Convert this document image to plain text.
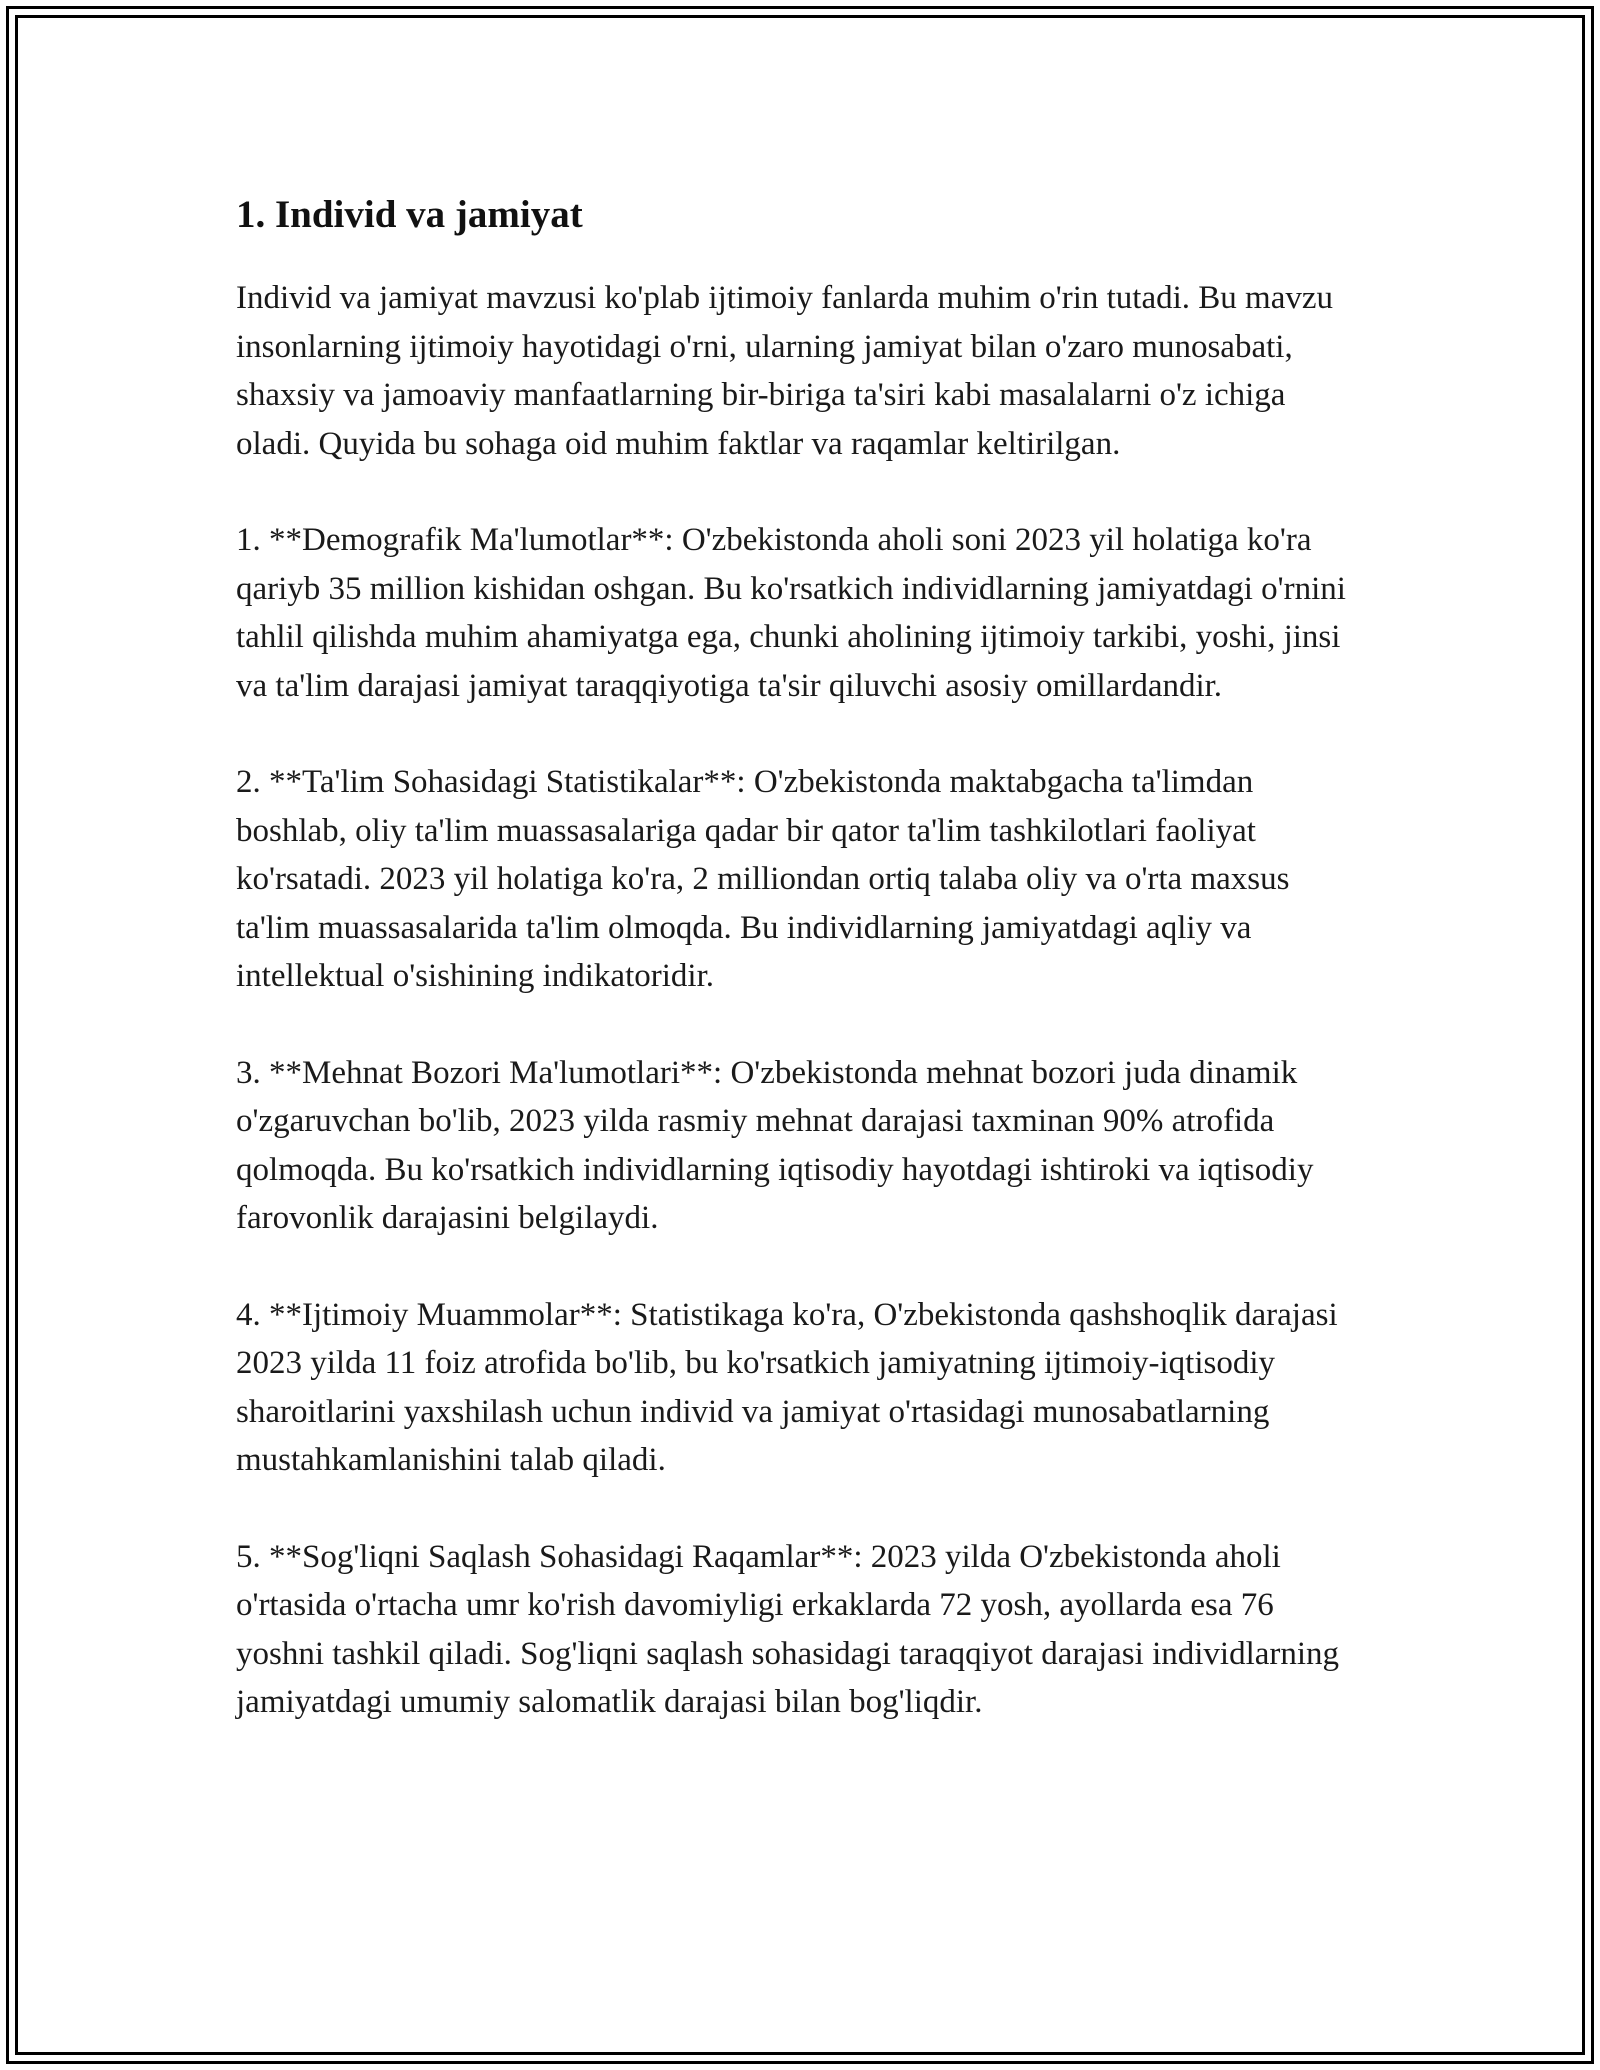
1. Individ va jamiyat

Individ va jamiyat mavzusi ko'plab ijtimoiy fanlarda muhim o'rin tutadi. Bu mavzu insonlarning ijtimoiy hayotidagi o'rni, ularning jamiyat bilan o'zaro munosabati, shaxsiy va jamoaviy manfaatlarning bir-biriga ta'siri kabi masalalarni o'z ichiga oladi. Quyida bu sohaga oid muhim faktlar va raqamlar keltirilgan.

1. **Demografik Ma'lumotlar**: O'zbekistonda aholi soni 2023 yil holatiga ko'ra qariyb 35 million kishidan oshgan. Bu ko'rsatkich individlarning jamiyatdagi o'rnini tahlil qilishda muhim ahamiyatga ega, chunki aholining ijtimoiy tarkibi, yoshi, jinsi va ta'lim darajasi jamiyat taraqqiyotiga ta'sir qiluvchi asosiy omillardandir.

2. **Ta'lim Sohasidagi Statistikalar**: O'zbekistonda maktabgacha ta'limdan boshlab, oliy ta'lim muassasalariga qadar bir qator ta'lim tashkilotlari faoliyat ko'rsatadi. 2023 yil holatiga ko'ra, 2 milliondan ortiq talaba oliy va o'rta maxsus ta'lim muassasalarida ta'lim olmoqda. Bu individlarning jamiyatdagi aqliy va intellektual o'sishining indikatoridir.

3. **Mehnat Bozori Ma'lumotlari**: O'zbekistonda mehnat bozori juda dinamik o'zgaruvchan bo'lib, 2023 yilda rasmiy mehnat darajasi taxminan 90% atrofida qolmoqda. Bu ko'rsatkich individlarning iqtisodiy hayotdagi ishtiroki va iqtisodiy farovonlik darajasini belgilaydi.

4. **Ijtimoiy Muammolar**: Statistikaga ko'ra, O'zbekistonda qashshoqlik darajasi 2023 yilda 11 foiz atrofida bo'lib, bu ko'rsatkich jamiyatning ijtimoiy-iqtisodiy sharoitlarini yaxshilash uchun individ va jamiyat o'rtasidagi munosabatlarning mustahkamlanishini talab qiladi.

5. **Sog'liqni Saqlash Sohasidagi Raqamlar**: 2023 yilda O'zbekistonda aholi o'rtasida o'rtacha umr ko'rish davomiyligi erkaklarda 72 yosh, ayollarda esa 76 yoshni tashkil qiladi. Sog'liqni saqlash sohasidagi taraqqiyot darajasi individlarning jamiyatdagi umumiy salomatlik darajasi bilan bog'liqdir.
